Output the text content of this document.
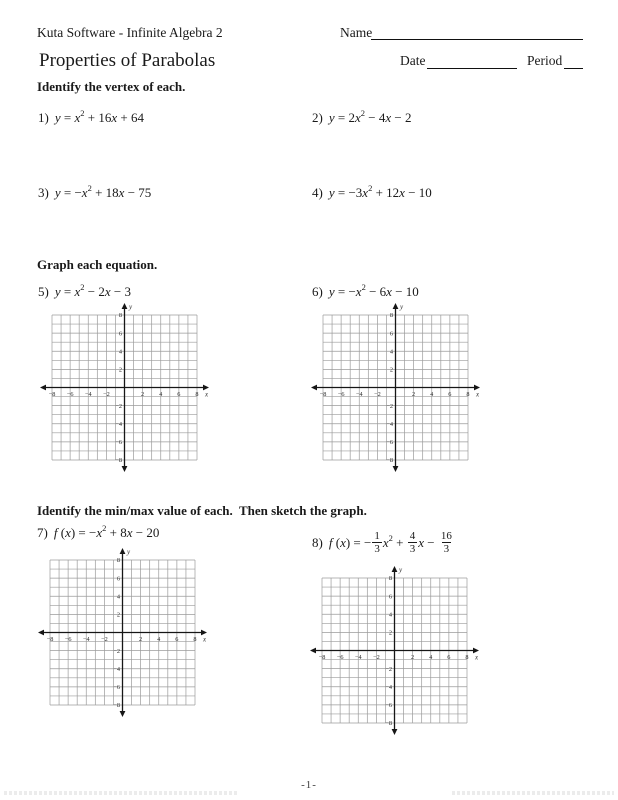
Kuta Software - Infinite Algebra 2	Name
Properties of Parabolas	Date	Period
Identify the vertex of each.
1) y = x 2 + 16 x + 64	2) y = 2 x 2 − 4 x − 2
3) y = − x 2 + 18 x − 75	4) y = −3 x 2 + 12 x − 10
Graph each equation.
5) y = x 2 − 2 x − 3	6) y = − x 2 − 6 x − 10
−8 −6 −4 −2	2 4 6 8
8
6
4
2
−2
−4
−6
−8
x
y
−8 −6 −4 −2	2 4 6 8
8
6
4
2
−2
−4
−6
−8
x
y
Identify the min/max value of each.  Then sketch the graph.
7) f ( x ) = − x 2 + 8 x − 20
8) f ( x ) = − $\frac{1}{3}$ x $2 + \frac{4}{3}$ $x - \frac{16}{3}$
−8 −6 −4 −2	2 4 6 8
8
6
4
2
−2
−4
−6
−8
x
y
−8 −6 −4 −2	2 4 6 8
8
6
4
2
−2
−4
−6
−8
x
y
-1-
